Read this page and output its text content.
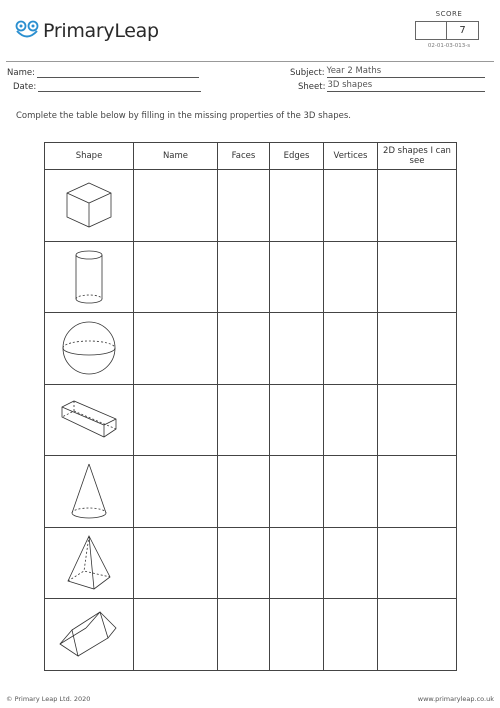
PrimaryLeap
SCORE
7
02-01-03-013-s
Name:
Date:
Subject: Year 2 Maths
Sheet: 3D shapes
Complete the table below by filling in the missing properties of the 3D shapes.
Shape	Name	Faces	Edges	Vertices	2D shapes I can see

© Primary Leap Ltd. 2020	www.primaryleap.co.uk
